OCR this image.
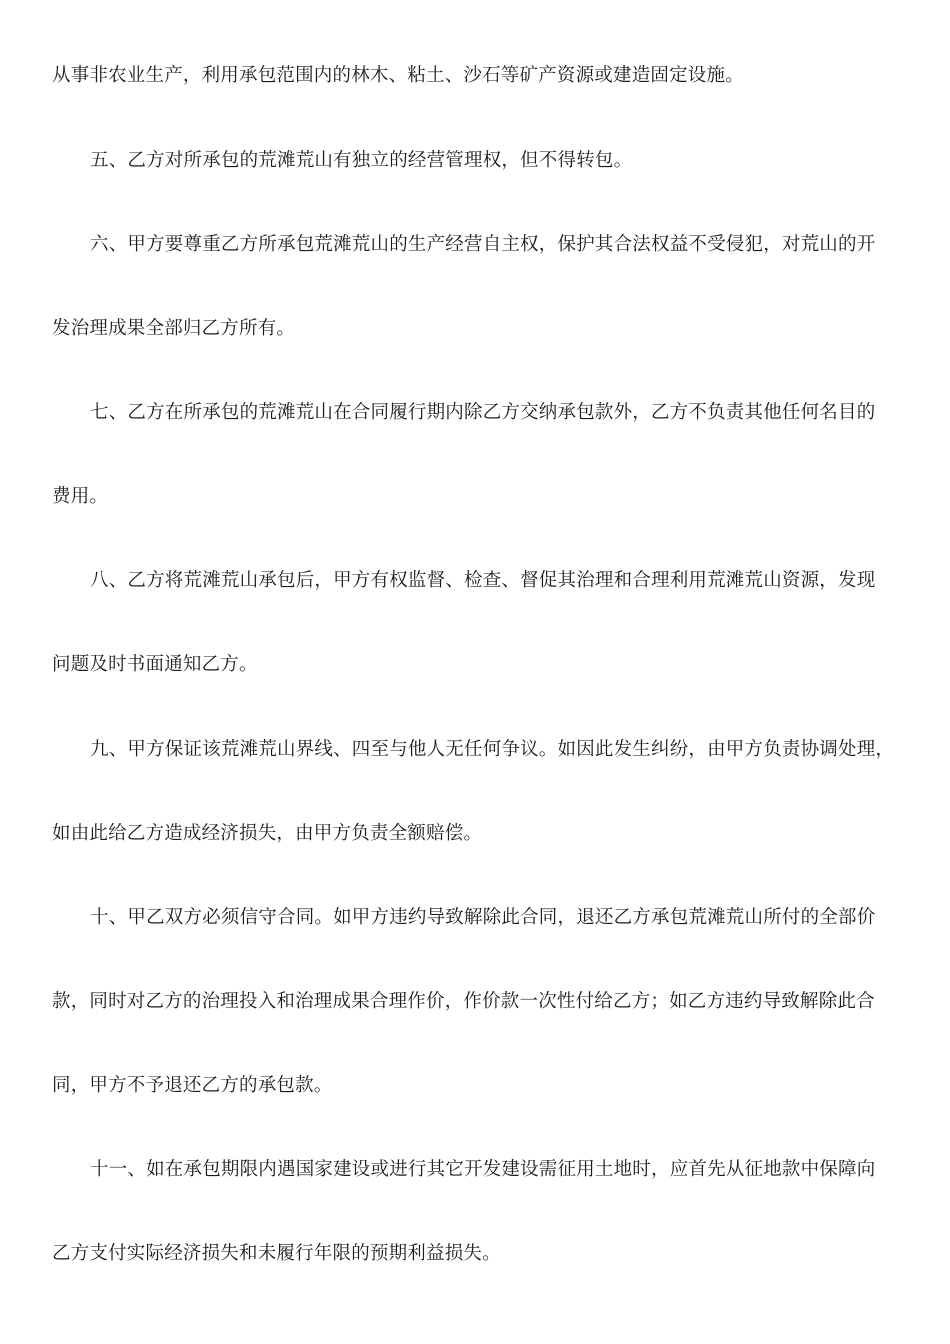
从事非农业生产，利用承包范围内的林木、粘土、沙石等矿产资源或建造固定设施。

五、乙方对所承包的荒滩荒山有独立的经营管理权，但不得转包。

六、甲方要尊重乙方所承包荒滩荒山的生产经营自主权，保护其合法权益不受侵犯，对荒山的开

发治理成果全部归乙方所有。

七、乙方在所承包的荒滩荒山在合同履行期内除乙方交纳承包款外，乙方不负责其他任何名目的

费用。

八、乙方将荒滩荒山承包后，甲方有权监督、检查、督促其治理和合理利用荒滩荒山资源，发现

问题及时书面通知乙方。

九、甲方保证该荒滩荒山界线、四至与他人无任何争议。如因此发生纠纷，由甲方负责协调处理，

如由此给乙方造成经济损失，由甲方负责全额赔偿。

十、甲乙双方必须信守合同。如甲方违约导致解除此合同，退还乙方承包荒滩荒山所付的全部价

款，同时对乙方的治理投入和治理成果合理作价，作价款一次性付给乙方；如乙方违约导致解除此合

同，甲方不予退还乙方的承包款。

十一、如在承包期限内遇国家建设或进行其它开发建设需征用土地时，应首先从征地款中保障向

乙方支付实际经济损失和未履行年限的预期利益损失。
